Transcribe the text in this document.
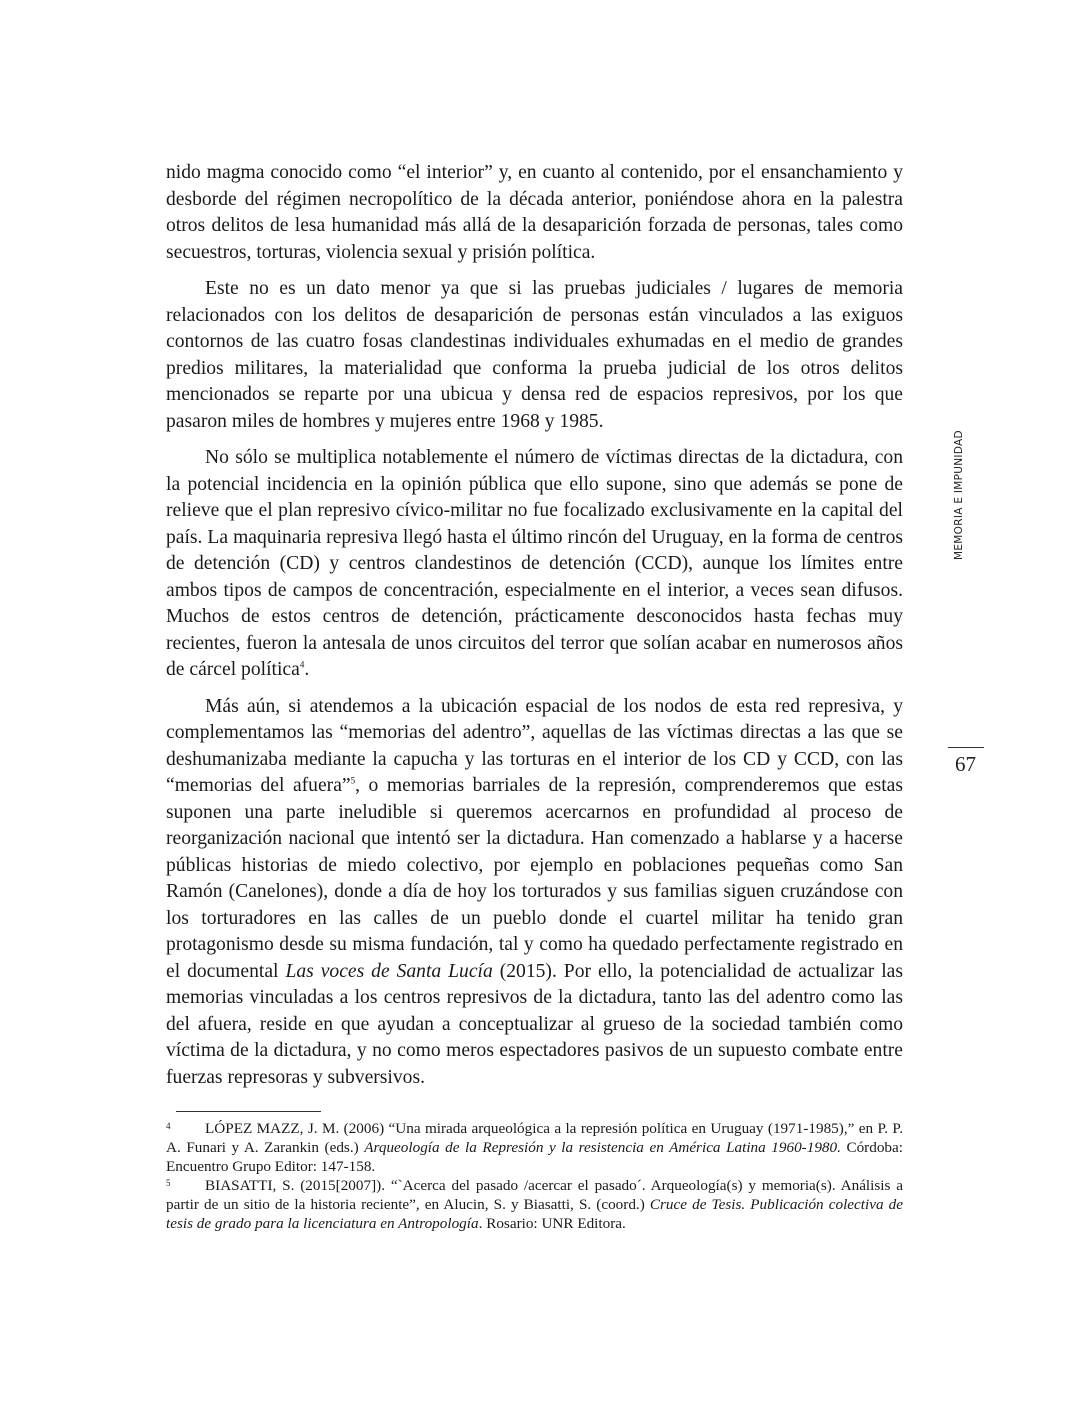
nido magma conocido como “el interior” y, en cuanto al contenido, por el ensanchamiento y desborde del régimen necropolítico de la década anterior, poniéndose ahora en la palestra otros delitos de lesa humanidad más allá de la desaparición forzada de personas, tales como secuestros, torturas, violencia sexual y prisión política.

Este no es un dato menor ya que si las pruebas judiciales / lugares de memoria relacionados con los delitos de desaparición de personas están vinculados a las exiguos contornos de las cuatro fosas clandestinas individuales exhumadas en el medio de grandes predios militares, la materialidad que conforma la prueba judicial de los otros delitos mencionados se reparte por una ubicua y densa red de espacios represivos, por los que pasaron miles de hombres y mujeres entre 1968 y 1985.

No sólo se multiplica notablemente el número de víctimas directas de la dictadura, con la potencial incidencia en la opinión pública que ello supone, sino que además se pone de relieve que el plan represivo cívico-militar no fue focalizado exclusivamente en la capital del país. La maquinaria represiva llegó hasta el último rincón del Uruguay, en la forma de centros de detención (CD) y centros clandestinos de detención (CCD), aunque los límites entre ambos tipos de campos de concentración, especialmente en el interior, a veces sean difusos. Muchos de estos centros de detención, prácticamente desconocidos hasta fechas muy recientes, fueron la antesala de unos circuitos del terror que solían acabar en numerosos años de cárcel política$^4$.

Más aún, si atendemos a la ubicación espacial de los nodos de esta red represiva, y complementamos las “memorias del adentro”, aquellas de las víctimas directas a las que se deshumanizaba mediante la capucha y las torturas en el interior de los CD y CCD, con las “memorias del afuera”$^5$, o memorias barriales de la represión, comprenderemos que estas suponen una parte ineludible si queremos acercarnos en profundidad al proceso de reorganización nacional que intentó ser la dictadura. Han comenzado a hablarse y a hacerse públicas historias de miedo colectivo, por ejemplo en poblaciones pequeñas como San Ramón (Canelones), donde a día de hoy los torturados y sus familias siguen cruzándose con los torturadores en las calles de un pueblo donde el cuartel militar ha tenido gran protagonismo desde su misma fundación, tal y como ha quedado perfectamente registrado en el documental Las voces de Santa Lucía (2015). Por ello, la potencialidad de actualizar las memorias vinculadas a los centros represivos de la dictadura, tanto las del adentro como las del afuera, reside en que ayudan a conceptualizar al grueso de la sociedad también como víctima de la dictadura, y no como meros espectadores pasivos de un supuesto combate entre fuerzas represoras y subversivos.

MEMORIA E IMPUNIDAD
67

4 LÓPEZ MAZZ, J. M. (2006) “Una mirada arqueológica a la represión política en Uruguay (1971-1985),” en P. P. A. Funari y A. Zarankin (eds.) Arqueología de la Represión y la resistencia en América Latina 1960-1980. Córdoba: Encuentro Grupo Editor: 147-158.

5 BIASATTI, S. (2015[2007]). “`Acerca del pasado /acercar el pasado´. Arqueología(s) y memoria(s). Análisis a partir de un sitio de la historia reciente”, en Alucin, S. y Biasatti, S. (coord.) Cruce de Tesis. Publicación colectiva de tesis de grado para la licenciatura en Antropología. Rosario: UNR Editora.
